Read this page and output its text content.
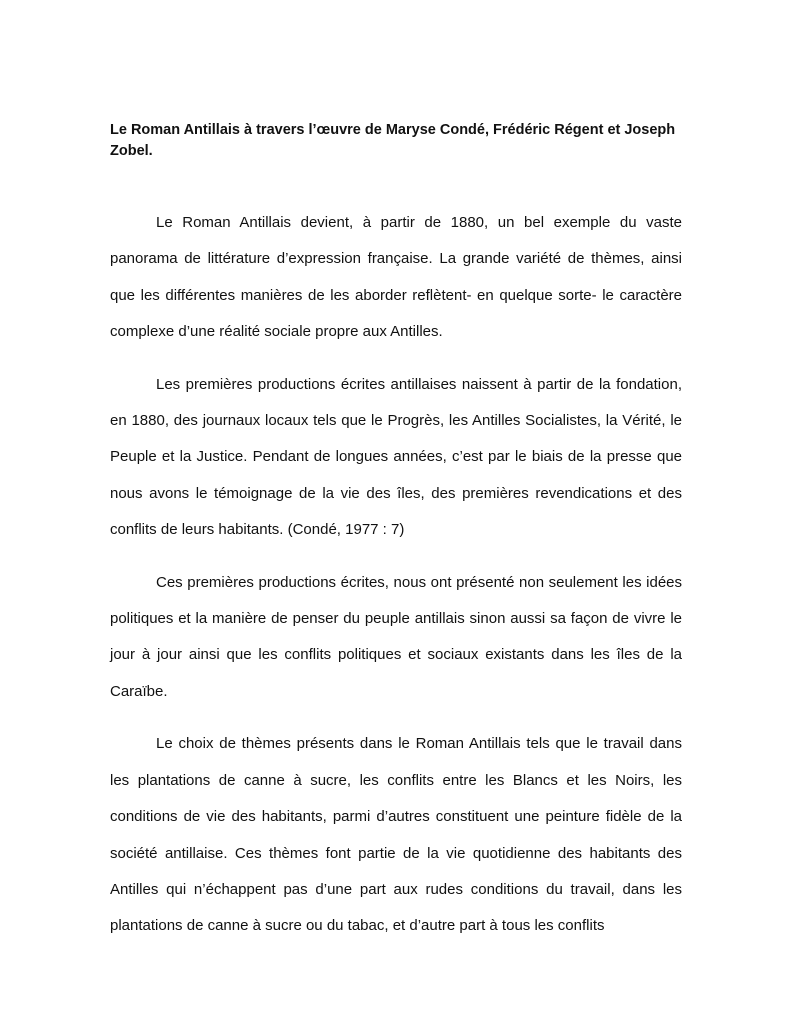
Le Roman Antillais à travers l’œuvre de Maryse Condé, Frédéric Régent et Joseph Zobel.

Le Roman Antillais devient, à partir de 1880, un bel exemple du vaste panorama de littérature d’expression française. La grande variété de thèmes, ainsi que les différentes manières de les aborder reflètent- en quelque sorte- le caractère complexe d’une réalité sociale propre aux Antilles.

Les premières productions écrites antillaises naissent à partir de la fondation, en 1880, des journaux locaux tels que le Progrès, les Antilles Socialistes, la Vérité, le Peuple et la Justice. Pendant de longues années, c’est par le biais de la presse que nous avons le témoignage de la vie des îles, des premières revendications et des conflits de leurs habitants. (Condé, 1977 : 7)

Ces premières productions écrites, nous ont présenté non seulement les idées politiques et la manière de penser du peuple antillais sinon aussi sa façon de vivre le jour à jour ainsi que les conflits politiques et sociaux existants dans les îles de la Caraïbe.

Le choix de thèmes présents dans le Roman Antillais tels que le travail dans les plantations de canne à sucre, les conflits entre les Blancs et les Noirs, les conditions de vie des habitants, parmi d’autres constituent une peinture fidèle de la société antillaise. Ces thèmes font partie de la vie quotidienne des habitants des Antilles qui n’échappent pas d’une part aux rudes conditions du travail, dans les plantations de canne à sucre ou du tabac, et d’autre part à tous les conflits
